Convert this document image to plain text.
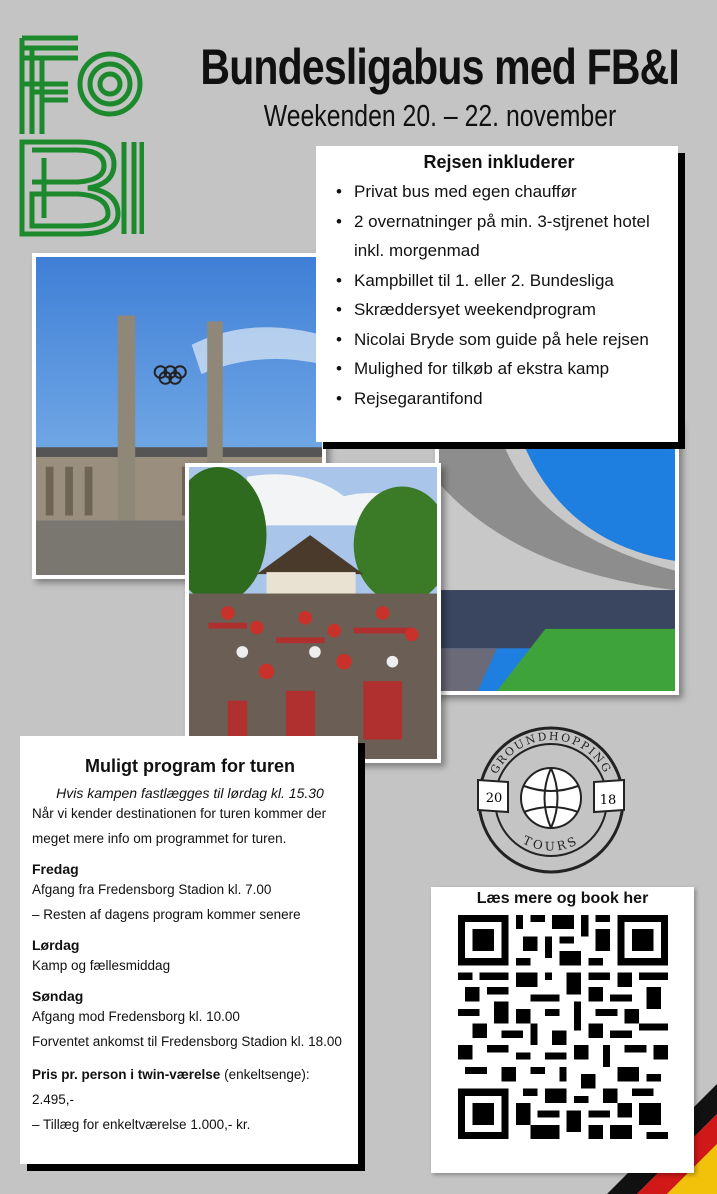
Bundesligabus med FB&I
Weekenden 20. – 22. november
Rejsen inkluderer
• Privat bus med egen chauffør
• 2 overnatninger på min. 3-stjrenet hotel inkl. morgenmad
• Kampbillet til 1. eller 2. Bundesliga
• Skræddersyet weekendprogram
• Nicolai Bryde som guide på hele rejsen
• Mulighed for tilkøb af ekstra kamp
• Rejsegarantifond
GROUNDHOPPING
TOURS
20	18
Muligt program for turen
Hvis kampen fastlægges til lørdag kl. 15.30

Når vi kender destinationen for turen kommer der meget mere info om programmet for turen.

Fredag

Afgang fra Fredensborg Stadion kl. 7.00

– Resten af dagens program kommer senere

Lørdag

Kamp og fællesmiddag

Søndag

Afgang mod Fredensborg kl. 10.00

Forventet ankomst til Fredensborg Stadion kl. 18.00

Pris pr. person i twin-værelse (enkeltsenge): 2.495,-

– Tillæg for enkeltværelse 1.000,- kr.

Læs mere og book her
